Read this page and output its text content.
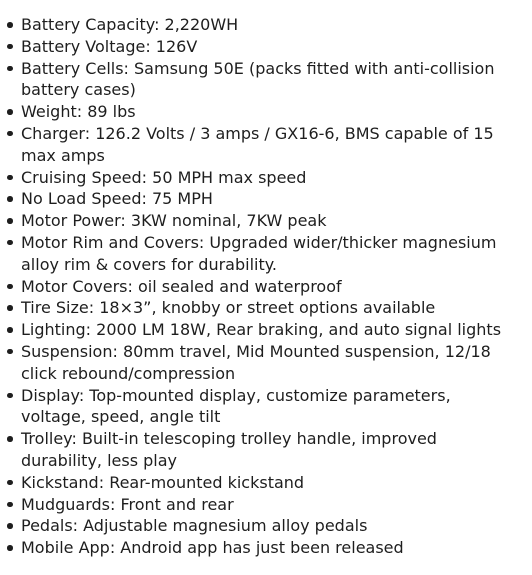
Battery Capacity: 2,220WH
Battery Voltage: 126V
Battery Cells: Samsung 50E (packs fitted with anti-collision battery cases)
Weight: 89 lbs
Charger: 126.2 Volts / 3 amps / GX16-6, BMS capable of 15 max amps
Cruising Speed: 50 MPH max speed
No Load Speed: 75 MPH
Motor Power: 3KW nominal, 7KW peak
Motor Rim and Covers: Upgraded wider/thicker magnesium alloy rim & covers for durability.
Motor Covers: oil sealed and waterproof
Tire Size: 18×3”, knobby or street options available
Lighting: 2000 LM 18W, Rear braking, and auto signal lights
Suspension: 80mm travel, Mid Mounted suspension, 12/18 click rebound/compression
Display: Top-mounted display, customize parameters, voltage, speed, angle tilt
Trolley: Built-in telescoping trolley handle, improved durability, less play
Kickstand: Rear-mounted kickstand
Mudguards: Front and rear
Pedals: Adjustable magnesium alloy pedals
Mobile App: Android app has just been released
